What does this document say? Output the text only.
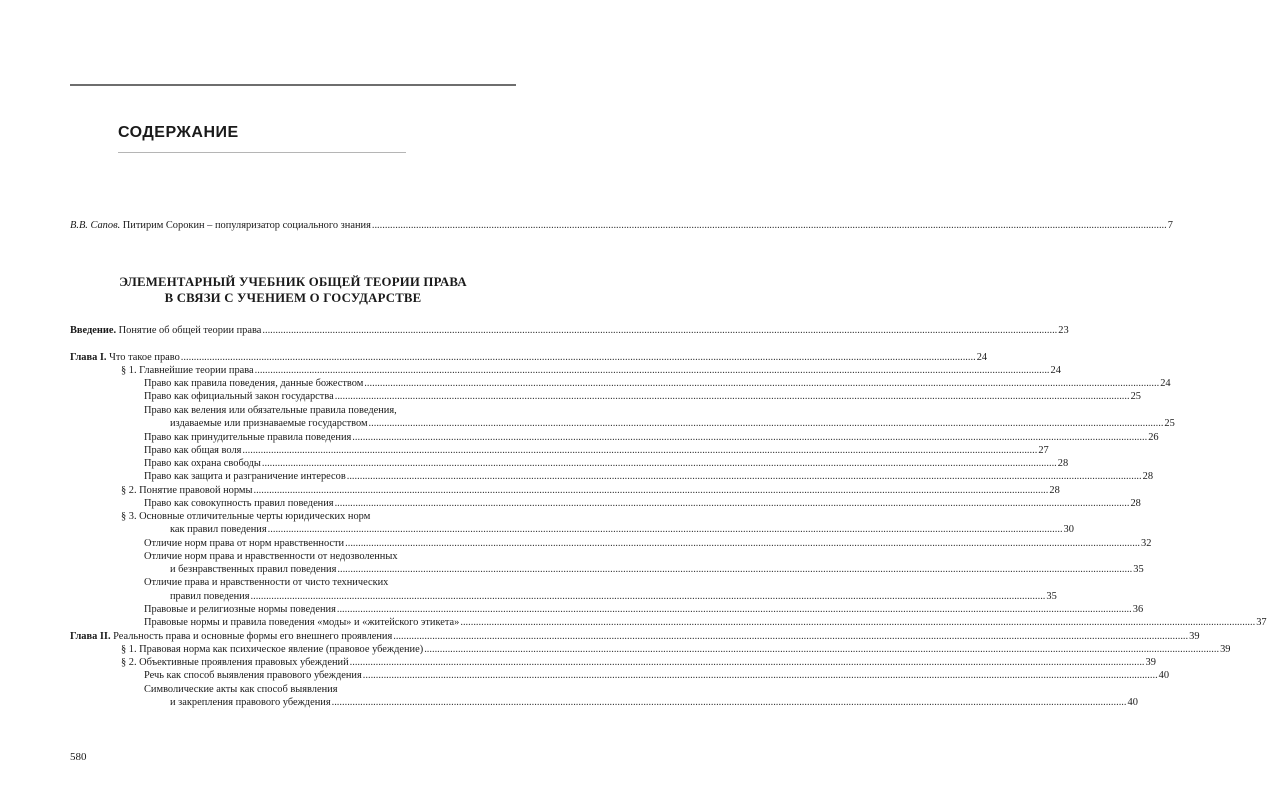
СОДЕРЖАНИЕ
В.В. Сапов. Питирим Сорокин – популяризатор социального знания .................................................................................................................................................................................................................................................................................................................. 7
ЭЛЕМЕНТАРНЫЙ УЧЕБНИК ОБЩЕЙ ТЕОРИИ ПРАВА
В СВЯЗИ С УЧЕНИЕМ О ГОСУДАРСТВЕ
Введение. Понятие об общей теории права .................................................................................................................................................................................................................................................................................................................. 23
Глава I. Что такое право .................................................................................................................................................................................................................................................................................................................. 24
§ 1. Главнейшие теории права .................................................................................................................................................................................................................................................................................................................. 24
Право как правила поведения, данные божеством .................................................................................................................................................................................................................................................................................................................. 24
Право как официальный закон государства .................................................................................................................................................................................................................................................................................................................. 25
Право как веления или обязательные правила поведения,
издаваемые или признаваемые государством .................................................................................................................................................................................................................................................................................................................. 25
Право как принудительные правила поведения .................................................................................................................................................................................................................................................................................................................. 26
Право как общая воля .................................................................................................................................................................................................................................................................................................................. 27
Право как охрана свободы .................................................................................................................................................................................................................................................................................................................. 28
Право как защита и разграничение интересов .................................................................................................................................................................................................................................................................................................................. 28
§ 2. Понятие правовой нормы .................................................................................................................................................................................................................................................................................................................. 28
Право как совокупность правил поведения .................................................................................................................................................................................................................................................................................................................. 28
§ 3. Основные отличительные черты юридических норм
как правил поведения .................................................................................................................................................................................................................................................................................................................. 30
Отличие норм права от норм нравственности .................................................................................................................................................................................................................................................................................................................. 32
Отличие норм права и нравственности от недозволенных
и безнравственных правил поведения .................................................................................................................................................................................................................................................................................................................. 35
Отличие права и нравственности от чисто технических
правил поведения .................................................................................................................................................................................................................................................................................................................. 35
Правовые и религиозные нормы поведения .................................................................................................................................................................................................................................................................................................................. 36
Правовые нормы и правила поведения «моды» и «житейского этикета» .................................................................................................................................................................................................................................................................................................................. 37
Глава II. Реальность права и основные формы его внешнего проявления .................................................................................................................................................................................................................................................................................................................. 39
§ 1. Правовая норма как психическое явление (правовое убеждение) .................................................................................................................................................................................................................................................................................................................. 39
§ 2. Объективные проявления правовых убеждений .................................................................................................................................................................................................................................................................................................................. 39
Речь как способ выявления правового убеждения .................................................................................................................................................................................................................................................................................................................. 40
Символические акты как способ выявления
и закрепления правового убеждения .................................................................................................................................................................................................................................................................................................................. 40
580
